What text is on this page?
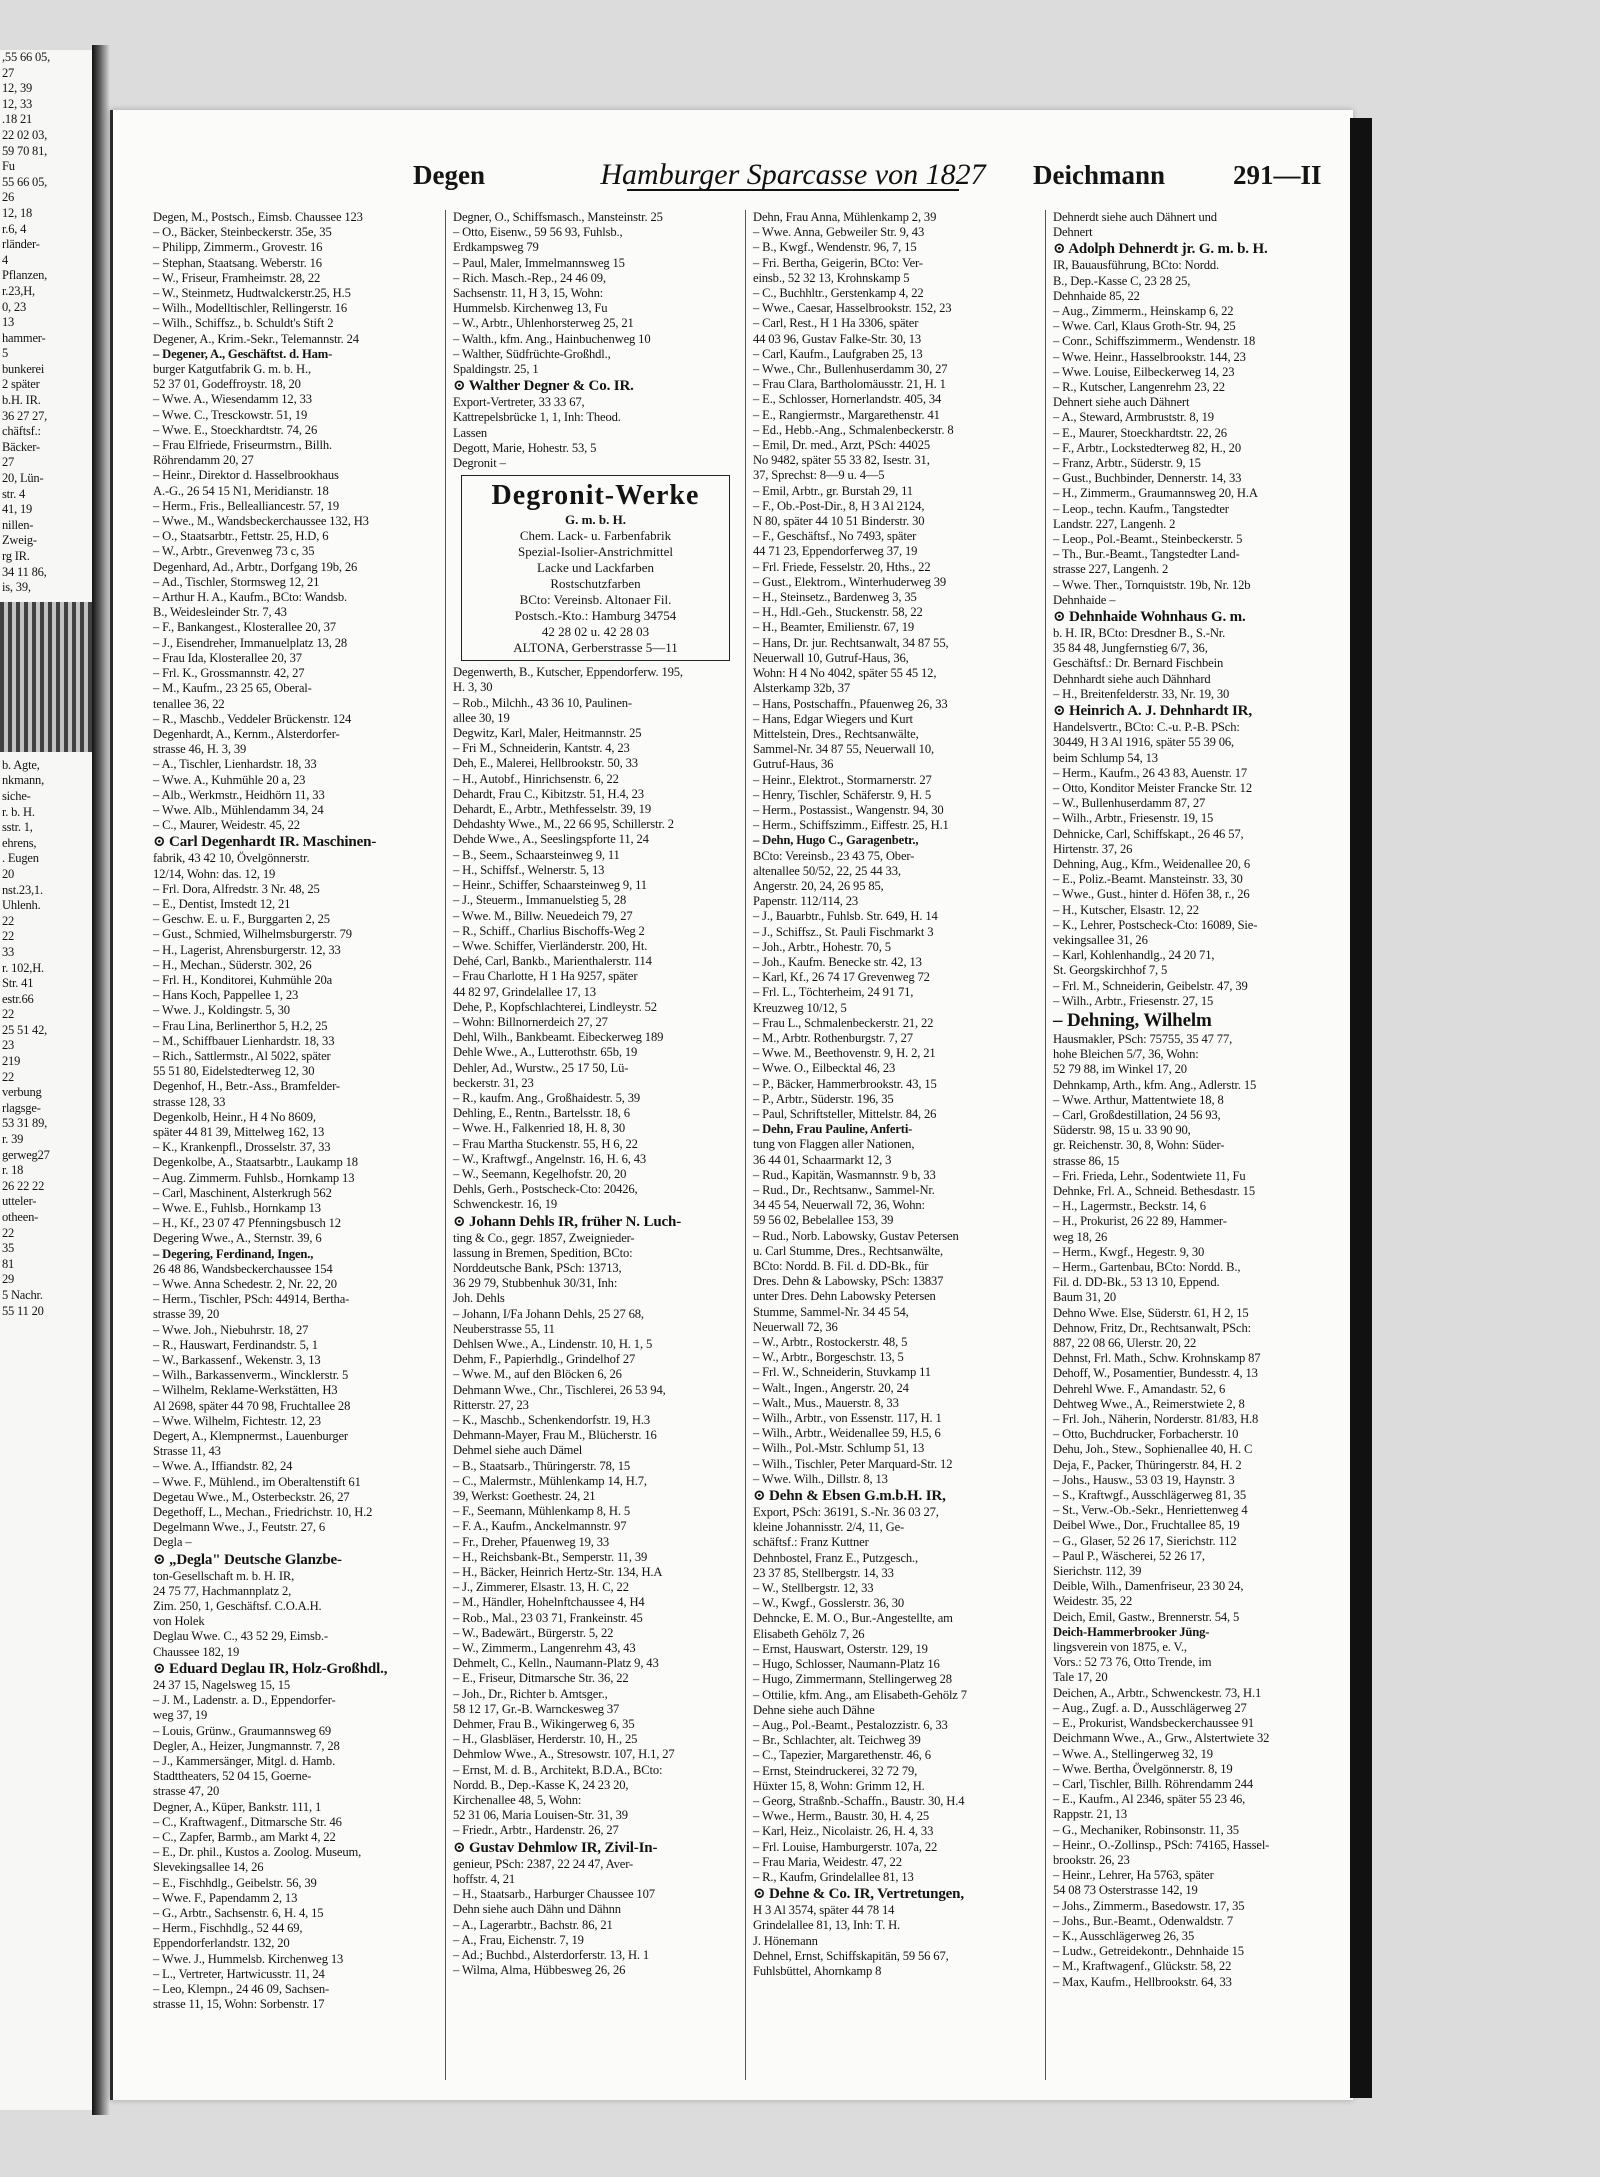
,55 66 05,
27
12, 39
12, 33
.18 21
22 02 03,
59 70 81,
Fu
55 66 05,
26
12, 18
r.6, 4
rländer-
4
Pflanzen,
r.23,H,
0, 23
13
hammer-
5
bunkerei
2 später
b.H. IR.
36 27 27,
chäftsf.:
Bäcker-
27
20, Lün-
str. 4
41, 19
nillen-
Zweig-
rg IR.
34 11 86,
is, 39,
b. Agte,
nkmann,
siche-
r. b. H.
sstr. 1,
ehrens,
. Eugen
20
nst.23,1.
Uhlenh.
22
22
33
r. 102,H.
Str. 41
estr.66
22
25 51 42,
23
219
22
verbung
rlagsge-
53 31 89,
r. 39
gerweg27
r. 18
26 22 22
utteler-
otheen-
22
35
81
29
5 Nachr.
55 11 20
Degen	Hamburger Sparcasse von 1827 Deichmann	291—II
Degen, M., Postsch., Eimsb. Chaussee 123
– O., Bäcker, Steinbeckerstr. 35e, 35
– Philipp, Zimmerm., Grovestr. 16
– Stephan, Staatsang. Weberstr. 16
– W., Friseur, Framheimstr. 28, 22
– W., Steinmetz, Hudtwalckerstr.25, H.5
– Wilh., Modelltischler, Rellingerstr. 16
– Wilh., Schiffsz., b. Schuldt's Stift 2
Degener, A., Krim.-Sekr., Telemannstr. 24
– Degener, A., Geschäftst. d. Ham-
burger Katgutfabrik G. m. b. H.,
52 37 01, Godeffroystr. 18, 20
– Wwe. A., Wiesendamm 12, 33
– Wwe. C., Tresckowstr. 51, 19
– Wwe. E., Stoeckhardtstr. 74, 26
– Frau Elfriede, Friseurmstrn., Billh.
Röhrendamm 20, 27
– Heinr., Direktor d. Hasselbrookhaus
A.-G., 26 54 15 N1, Meridianstr. 18
– Herm., Fris., Bellealliancestr. 57, 19
– Wwe., M., Wandsbeckerchaussee 132, H3
– O., Staatsarbtr., Fettstr. 25, H.D, 6
– W., Arbtr., Grevenweg 73 c, 35
Degenhard, Ad., Arbtr., Dorfgang 19b, 26
– Ad., Tischler, Stormsweg 12, 21
– Arthur H. A., Kaufm., BCto: Wandsb.
B., Weidesleinder Str. 7, 43
– F., Bankangest., Klosterallee 20, 37
– J., Eisendreher, Immanuelplatz 13, 28
– Frau Ida, Klosterallee 20, 37
– Frl. K., Grossmannstr. 42, 27
– M., Kaufm., 23 25 65, Oberal-
tenallee 36, 22
– R., Maschb., Veddeler Brückenstr. 124
Degenhardt, A., Kernm., Alsterdorfer-
strasse 46, H. 3, 39
– A., Tischler, Lienhardstr. 18, 33
– Wwe. A., Kuhmühle 20 a, 23
– Alb., Werkmstr., Heidhörn 11, 33
– Wwe. Alb., Mühlendamm 34, 24
– C., Maurer, Weidestr. 45, 22
⊙ Carl Degenhardt IR. Maschinen-
fabrik, 43 42 10, Övelgönnerstr.
12/14, Wohn: das. 12, 19
– Frl. Dora, Alfredstr. 3 Nr. 48, 25
– E., Dentist, Imstedt 12, 21
– Geschw. E. u. F., Burggarten 2, 25
– Gust., Schmied, Wilhelmsburgerstr. 79
– H., Lagerist, Ahrensburgerstr. 12, 33
– H., Mechan., Süderstr. 302, 26
– Frl. H., Konditorei, Kuhmühle 20a
– Hans Koch, Pappellee 1, 23
– Wwe. J., Koldingstr. 5, 30
– Frau Lina, Berlinerthor 5, H.2, 25
– M., Schiffbauer Lienhardstr. 18, 33
– Rich., Sattlermstr., Al 5022, später
55 51 80, Eidelstedterweg 12, 30
Degenhof, H., Betr.-Ass., Bramfelder-
strasse 128, 33
Degenkolb, Heinr., H 4 No 8609,
später 44 81 39, Mittelweg 162, 13
– K., Krankenpfl., Drosselstr. 37, 33
Degenkolbe, A., Staatsarbtr., Laukamp 18
– Aug. Zimmerm. Fuhlsb., Hornkamp 13
– Carl, Maschinent, Alsterkrugh 562
– Wwe. E., Fuhlsb., Hornkamp 13
– H., Kf., 23 07 47 Pfenningsbusch 12
Degering Wwe., A., Sternstr. 39, 6
– Degering, Ferdinand, Ingen.,
26 48 86, Wandsbeckerchaussee 154
– Wwe. Anna Schedestr. 2, Nr. 22, 20
– Herm., Tischler, PSch: 44914, Bertha-
strasse 39, 20
– Wwe. Joh., Niebuhrstr. 18, 27
– R., Hauswart, Ferdinandstr. 5, 1
– W., Barkassenf., Wekenstr. 3, 13
– Wilh., Barkassenverm., Wincklerstr. 5
– Wilhelm, Reklame-Werkstätten, H3
Al 2698, später 44 70 98, Fruchtallee 28
– Wwe. Wilhelm, Fichtestr. 12, 23
Degert, A., Klempnermst., Lauenburger
Strasse 11, 43
– Wwe. A., Iffiandstr. 82, 24
– Wwe. F., Mühlend., im Oberaltenstift 61
Degetau Wwe., M., Osterbeckstr. 26, 27
Degethoff, L., Mechan., Friedrichstr. 10, H.2
Degelmann Wwe., J., Feutstr. 27, 6
Degla –
⊙ „Degla" Deutsche Glanzbe-
ton-Gesellschaft m. b. H. IR,
24 75 77, Hachmannplatz 2,
Zim. 250, 1, Geschäftsf. C.O.A.H.
von Holek
Deglau Wwe. C., 43 52 29, Eimsb.-
Chaussee 182, 19
⊙ Eduard Deglau IR, Holz-Großhdl.,
24 37 15, Nagelsweg 15, 15
– J. M., Ladenstr. a. D., Eppendorfer-
weg 37, 19
– Louis, Grünw., Graumannsweg 69
Degler, A., Heizer, Jungmannstr. 7, 28
– J., Kammersänger, Mitgl. d. Hamb.
Stadttheaters, 52 04 15, Goerne-
strasse 47, 20
Degner, A., Küper, Bankstr. 111, 1
– C., Kraftwagenf., Ditmarsche Str. 46
– C., Zapfer, Barmb., am Markt 4, 22
– E., Dr. phil., Kustos a. Zoolog. Museum,
Slevekingsallee 14, 26
– E., Fischhdlg., Geibelstr. 56, 39
– Wwe. F., Papendamm 2, 13
– G., Arbtr., Sachsenstr. 6, H. 4, 15
– Herm., Fischhdlg., 52 44 69,
Eppendorferlandstr. 132, 20
– Wwe. J., Hummelsb. Kirchenweg 13
– L., Vertreter, Hartwicusstr. 11, 24
– Leo, Klempn., 24 46 09, Sachsen-
strasse 11, 15, Wohn: Sorbenstr. 17
Degner, O., Schiffsmasch., Mansteinstr. 25
– Otto, Eisenw., 59 56 93, Fuhlsb.,
Erdkampsweg 79
– Paul, Maler, Immelmannsweg 15
– Rich. Masch.-Rep., 24 46 09,
Sachsenstr. 11, H 3, 15, Wohn:
Hummelsb. Kirchenweg 13, Fu
– W., Arbtr., Uhlenhorsterweg 25, 21
– Walth., kfm. Ang., Hainbuchenweg 10
– Walther, Südfrüchte-Großhdl.,
Spaldingstr. 25, 1
⊙ Walther Degner & Co. IR.
Export-Vertreter, 33 33 67,
Kattrepelsbrücke 1, 1, Inh: Theod.
Lassen
Degott, Marie, Hohestr. 53, 5
Degronit –
Degronit-Werke
G. m. b. H.
Chem. Lack- u. Farbenfabrik
Spezial-Isolier-Anstrichmittel
Lacke und Lackfarben
Rostschutzfarben
BCto: Vereinsb. Altonaer Fil.
Postsch.-Kto.: Hamburg 34754
42 28 02 u. 42 28 03
ALTONA, Gerberstrasse 5—11
Degenwerth, B., Kutscher, Eppendorferw. 195,
H. 3, 30
– Rob., Milchh., 43 36 10, Paulinen-
allee 30, 19
Degwitz, Karl, Maler, Heitmannstr. 25
– Fri M., Schneiderin, Kantstr. 4, 23
Deh, E., Malerei, Hellbrookstr. 50, 33
– H., Autobf., Hinrichsenstr. 6, 22
Dehardt, Frau C., Kibitzstr. 51, H.4, 23
Dehardt, E., Arbtr., Methfesselstr. 39, 19
Dehdashty Wwe., M., 22 66 95, Schillerstr. 2
Dehde Wwe., A., Seeslingspforte 11, 24
– B., Seem., Schaarsteinweg 9, 11
– H., Schiffsf., Welnerstr. 5, 13
– Heinr., Schiffer, Schaarsteinweg 9, 11
– J., Steuerm., Immanuelstieg 5, 28
– Wwe. M., Billw. Neuedeich 79, 27
– R., Schiff., Charlius Bischoffs-Weg 2
– Wwe. Schiffer, Vierländerstr. 200, Ht.
Dehé, Carl, Bankb., Marienthalerstr. 114
– Frau Charlotte, H 1 Ha 9257, später
44 82 97, Grindelallee 17, 13
Dehe, P., Kopfschlachterei, Lindleystr. 52
– Wohn: Billnornerdeich 27, 27
Dehl, Wilh., Bankbeamt. Eibeckerweg 189
Dehle Wwe., A., Lutterothstr. 65b, 19
Dehler, Ad., Wurstw., 25 17 50, Lü-
beckerstr. 31, 23
– R., kaufm. Ang., Großhaidestr. 5, 39
Dehling, E., Rentn., Bartelsstr. 18, 6
– Wwe. H., Falkenried 18, H. 8, 30
– Frau Martha Stuckenstr. 55, H 6, 22
– W., Kraftwgf., Angelnstr. 16, H. 6, 43
– W., Seemann, Kegelhofstr. 20, 20
Dehls, Gerh., Postscheck-Cto: 20426,
Schwenckestr. 16, 19
⊙ Johann Dehls IR, früher N. Luch-
ting & Co., gegr. 1857, Zweignieder-
lassung in Bremen, Spedition, BCto:
Norddeutsche Bank, PSch: 13713,
36 29 79, Stubbenhuk 30/31, Inh:
Joh. Dehls
– Johann, I/Fa Johann Dehls, 25 27 68,
Neuberstrasse 55, 11
Dehlsen Wwe., A., Lindenstr. 10, H. 1, 5
Dehm, F., Papierhdlg., Grindelhof 27
– Wwe. M., auf den Blöcken 6, 26
Dehmann Wwe., Chr., Tischlerei, 26 53 94,
Ritterstr. 27, 23
– K., Maschb., Schenkendorfstr. 19, H.3
Dehmann-Mayer, Frau M., Blücherstr. 16
Dehmel siehe auch Dämel
– B., Staatsarb., Thüringerstr. 78, 15
– C., Malermstr., Mühlenkamp 14, H.7,
39, Werkst: Goethestr. 24, 21
– F., Seemann, Mühlenkamp 8, H. 5
– F. A., Kaufm., Anckelmannstr. 97
– Fr., Dreher, Pfauenweg 19, 33
– H., Reichsbank-Bt., Semperstr. 11, 39
– H., Bäcker, Heinrich Hertz-Str. 134, H.A
– J., Zimmerer, Elsastr. 13, H. C, 22
– M., Händler, Hohelnftchaussee 4, H4
– Rob., Mal., 23 03 71, Frankeinstr. 45
– W., Badewärt., Bürgerstr. 5, 22
– W., Zimmerm., Langenrehm 43, 43
Dehmelt, C., Kelln., Naumann-Platz 9, 43
– E., Friseur, Ditmarsche Str. 36, 22
– Joh., Dr., Richter b. Amtsger.,
58 12 17, Gr.-B. Warnckesweg 37
Dehmer, Frau B., Wikingerweg 6, 35
– H., Glasbläser, Herderstr. 10, H., 25
Dehmlow Wwe., A., Stresowstr. 107, H.1, 27
– Ernst, M. d. B., Architekt, B.D.A., BCto:
Nordd. B., Dep.-Kasse K, 24 23 20,
Kirchenallee 48, 5, Wohn:
52 31 06, Maria Louisen-Str. 31, 39
– Friedr., Arbtr., Hardenstr. 26, 27
⊙ Gustav Dehmlow IR, Zivil-In-
genieur, PSch: 2387, 22 24 47, Aver-
hoffstr. 4, 21
– H., Staatsarb., Harburger Chaussee 107
Dehn siehe auch Dähn und Dähnn
– A., Lagerarbtr., Bachstr. 86, 21
– A., Frau, Eichenstr. 7, 19
– Ad.; Buchbd., Alsterdorferstr. 13, H. 1
– Wilma, Alma, Hübbesweg 26, 26
Dehn, Frau Anna, Mühlenkamp 2, 39
– Wwe. Anna, Gebweiler Str. 9, 43
– B., Kwgf., Wendenstr. 96, 7, 15
– Fri. Bertha, Geigerin, BCto: Ver-
einsb., 52 32 13, Krohnskamp 5
– C., Buchhltr., Gerstenkamp 4, 22
– Wwe., Caesar, Hasselbrookstr. 152, 23
– Carl, Rest., H 1 Ha 3306, später
44 03 96, Gustav Falke-Str. 30, 13
– Carl, Kaufm., Laufgraben 25, 13
– Wwe., Chr., Bullenhuserdamm 30, 27
– Frau Clara, Bartholomäusstr. 21, H. 1
– E., Schlosser, Hornerlandstr. 405, 34
– E., Rangiermstr., Margarethenstr. 41
– Ed., Hebb.-Ang., Schmalenbeckerstr. 8
– Emil, Dr. med., Arzt, PSch: 44025
No 9482, später 55 33 82, Isestr. 31,
37, Sprechst: 8—9 u. 4—5
– Emil, Arbtr., gr. Burstah 29, 11
– F., Ob.-Post-Dir., 8, H 3 Al 2124,
N 80, später 44 10 51 Binderstr. 30
– F., Geschäftsf., No 7493, später
44 71 23, Eppendorferweg 37, 19
– Frl. Friede, Fesselstr. 20, Hths., 22
– Gust., Elektrom., Winterhuderweg 39
– H., Steinsetz., Bardenweg 3, 35
– H., Hdl.-Geh., Stuckenstr. 58, 22
– H., Beamter, Emilienstr. 67, 19
– Hans, Dr. jur. Rechtsanwalt, 34 87 55,
Neuerwall 10, Gutruf-Haus, 36,
Wohn: H 4 No 4042, später 55 45 12,
Alsterkamp 32b, 37
– Hans, Postschaffn., Pfauenweg 26, 33
– Hans, Edgar Wiegers und Kurt
Mittelstein, Dres., Rechtsanwälte,
Sammel-Nr. 34 87 55, Neuerwall 10,
Gutruf-Haus, 36
– Heinr., Elektrot., Stormarnerstr. 27
– Henry, Tischler, Schäferstr. 9, H. 5
– Herm., Postassist., Wangenstr. 94, 30
– Herm., Schiffszimm., Eiffestr. 25, H.1
– Dehn, Hugo C., Garagenbetr.,
BCto: Vereinsb., 23 43 75, Ober-
altenallee 50/52, 22, 25 44 33,
Angerstr. 20, 24, 26 95 85,
Papenstr. 112/114, 23
– J., Bauarbtr., Fuhlsb. Str. 649, H. 14
– J., Schiffsz., St. Pauli Fischmarkt 3
– Joh., Arbtr., Hohestr. 70, 5
– Joh., Kaufm. Benecke str. 42, 13
– Karl, Kf., 26 74 17 Grevenweg 72
– Frl. L., Töchterheim, 24 91 71,
Kreuzweg 10/12, 5
– Frau L., Schmalenbeckerstr. 21, 22
– M., Arbtr. Rothenburgstr. 7, 27
– Wwe. M., Beethovenstr. 9, H. 2, 21
– Wwe. O., Eilbecktal 46, 23
– P., Bäcker, Hammerbrookstr. 43, 15
– P., Arbtr., Süderstr. 196, 35
– Paul, Schriftsteller, Mittelstr. 84, 26
– Dehn, Frau Pauline, Anferti-
tung von Flaggen aller Nationen,
36 44 01, Schaarmarkt 12, 3
– Rud., Kapitän, Wasmannstr. 9 b, 33
– Rud., Dr., Rechtsanw., Sammel-Nr.
34 45 54, Neuerwall 72, 36, Wohn:
59 56 02, Bebelallee 153, 39
– Rud., Norb. Labowsky, Gustav Petersen
u. Carl Stumme, Dres., Rechtsanwälte,
BCto: Nordd. B. Fil. d. DD-Bk., für
Dres. Dehn & Labowsky, PSch: 13837
unter Dres. Dehn Labowsky Petersen
Stumme, Sammel-Nr. 34 45 54,
Neuerwall 72, 36
– W., Arbtr., Rostockerstr. 48, 5
– W., Arbtr., Borgeschstr. 13, 5
– Frl. W., Schneiderin, Stuvkamp 11
– Walt., Ingen., Angerstr. 20, 24
– Walt., Mus., Mauerstr. 8, 33
– Wilh., Arbtr., von Essenstr. 117, H. 1
– Wilh., Arbtr., Weidenallee 59, H.5, 6
– Wilh., Pol.-Mstr. Schlump 51, 13
– Wilh., Tischler, Peter Marquard-Str. 12
– Wwe. Wilh., Dillstr. 8, 13
⊙ Dehn & Ebsen G.m.b.H. IR,
Export, PSch: 36191, S.-Nr. 36 03 27,
kleine Johannisstr. 2/4, 11, Ge-
schäftsf.: Franz Kuttner
Dehnbostel, Franz E., Putzgesch.,
23 37 85, Stellbergstr. 14, 33
– W., Stellbergstr. 12, 33
– W., Kwgf., Gosslerstr. 36, 30
Dehncke, E. M. O., Bur.-Angestellte, am
Elisabeth Gehölz 7, 26
– Ernst, Hauswart, Osterstr. 129, 19
– Hugo, Schlosser, Naumann-Platz 16
– Hugo, Zimmermann, Stellingerweg 28
– Ottilie, kfm. Ang., am Elisabeth-Gehölz 7
Dehne siehe auch Dähne
– Aug., Pol.-Beamt., Pestalozzistr. 6, 33
– Br., Schlachter, alt. Teichweg 39
– C., Tapezier, Margarethenstr. 46, 6
– Ernst, Steindruckerei, 32 72 79,
Hüxter 15, 8, Wohn: Grimm 12, H.
– Georg, Straßnb.-Schaffn., Baustr. 30, H.4
– Wwe., Herm., Baustr. 30, H. 4, 25
– Karl, Heiz., Nicolaistr. 26, H. 4, 33
– Frl. Louise, Hamburgerstr. 107a, 22
– Frau Maria, Weidestr. 47, 22
– R., Kaufm, Grindelallee 81, 13
⊙ Dehne & Co. IR, Vertretungen,
H 3 Al 3574, später 44 78 14
Grindelallee 81, 13, Inh: T. H.
J. Hönemann
Dehnel, Ernst, Schiffskapitän, 59 56 67,
Fuhlsbüttel, Ahornkamp 8
Dehnerdt siehe auch Dähnert und
Dehnert
⊙ Adolph Dehnerdt jr. G. m. b. H.
IR, Bauausführung, BCto: Nordd.
B., Dep.-Kasse C, 23 28 25,
Dehnhaide 85, 22
– Aug., Zimmerm., Heinskamp 6, 22
– Wwe. Carl, Klaus Groth-Str. 94, 25
– Conr., Schiffszimmerm., Wendenstr. 18
– Wwe. Heinr., Hasselbrookstr. 144, 23
– Wwe. Louise, Eilbeckerweg 14, 23
– R., Kutscher, Langenrehm 23, 22
Dehnert siehe auch Dähnert
– A., Steward, Armbruststr. 8, 19
– E., Maurer, Stoeckhardtstr. 22, 26
– F., Arbtr., Lockstedterweg 82, H., 20
– Franz, Arbtr., Süderstr. 9, 15
– Gust., Buchbinder, Dennerstr. 14, 33
– H., Zimmerm., Graumannsweg 20, H.A
– Leop., techn. Kaufm., Tangstedter
Landstr. 227, Langenh. 2
– Leop., Pol.-Beamt., Steinbeckerstr. 5
– Th., Bur.-Beamt., Tangstedter Land-
strasse 227, Langenh. 2
– Wwe. Ther., Tornquiststr. 19b, Nr. 12b
Dehnhaide –
⊙ Dehnhaide Wohnhaus G. m.
b. H. IR, BCto: Dresdner B., S.-Nr.
35 84 48, Jungfernstieg 6/7, 36,
Geschäftsf.: Dr. Bernard Fischbein
Dehnhardt siehe auch Dähnhard
– H., Breitenfelderstr. 33, Nr. 19, 30
⊙ Heinrich A. J. Dehnhardt IR,
Handelsvertr., BCto: C.-u. P.-B. PSch:
30449, H 3 Al 1916, später 55 39 06,
beim Schlump 54, 13
– Herm., Kaufm., 26 43 83, Auenstr. 17
– Otto, Konditor Meister Francke Str. 12
– W., Bullenhuserdamm 87, 27
– Wilh., Arbtr., Friesenstr. 19, 15
Dehnicke, Carl, Schiffskapt., 26 46 57,
Hirtenstr. 37, 26
Dehning, Aug., Kfm., Weidenallee 20, 6
– E., Poliz.-Beamt. Mansteinstr. 33, 30
– Wwe., Gust., hinter d. Höfen 38, r., 26
– H., Kutscher, Elsastr. 12, 22
– K., Lehrer, Postscheck-Cto: 16089, Sie-
vekingsallee 31, 26
– Karl, Kohlenhandlg., 24 20 71,
St. Georgskirchhof 7, 5
– Frl. M., Schneiderin, Geibelstr. 47, 39
– Wilh., Arbtr., Friesenstr. 27, 15
– Dehning, Wilhelm
Hausmakler, PSch: 75755, 35 47 77,
hohe Bleichen 5/7, 36, Wohn:
52 79 88, im Winkel 17, 20
Dehnkamp, Arth., kfm. Ang., Adlerstr. 15
– Wwe. Arthur, Mattentwiete 18, 8
– Carl, Großdestillation, 24 56 93,
Süderstr. 98, 15 u. 33 90 90,
gr. Reichenstr. 30, 8, Wohn: Süder-
strasse 86, 15
– Fri. Frieda, Lehr., Sodentwiete 11, Fu
Dehnke, Frl. A., Schneid. Bethesdastr. 15
– H., Lagermstr., Beckstr. 14, 6
– H., Prokurist, 26 22 89, Hammer-
weg 18, 26
– Herm., Kwgf., Hegestr. 9, 30
– Herm., Gartenbau, BCto: Nordd. B.,
Fil. d. DD-Bk., 53 13 10, Eppend.
Baum 31, 20
Dehno Wwe. Else, Süderstr. 61, H 2, 15
Dehnow, Fritz, Dr., Rechtsanwalt, PSch:
887, 22 08 66, Ulerstr. 20, 22
Dehnst, Frl. Math., Schw. Krohnskamp 87
Dehoff, W., Posamentier, Bundesstr. 4, 13
Dehrehl Wwe. F., Amandastr. 52, 6
Dehtweg Wwe., A., Reimerstwiete 2, 8
– Frl. Joh., Näherin, Norderstr. 81/83, H.8
– Otto, Buchdrucker, Forbacherstr. 10
Dehu, Joh., Stew., Sophienallee 40, H. C
Deja, F., Packer, Thüringerstr. 84, H. 2
– Johs., Hausw., 53 03 19, Haynstr. 3
– S., Kraftwgf., Ausschlägerweg 81, 35
– St., Verw.-Ob.-Sekr., Henriettenweg 4
Deibel Wwe., Dor., Fruchtallee 85, 19
– G., Glaser, 52 26 17, Sierichstr. 112
– Paul P., Wäscherei, 52 26 17,
Sierichstr. 112, 39
Deible, Wilh., Damenfriseur, 23 30 24,
Weidestr. 35, 22
Deich, Emil, Gastw., Brennerstr. 54, 5
Deich-Hammerbrooker Jüng-
lingsverein von 1875, e. V.,
Vors.: 52 73 76, Otto Trende, im
Tale 17, 20
Deichen, A., Arbtr., Schwenckestr. 73, H.1
– Aug., Zugf. a. D., Ausschlägerweg 27
– E., Prokurist, Wandsbeckerchaussee 91
Deichmann Wwe., A., Grw., Alstertwiete 32
– Wwe. A., Stellingerweg 32, 19
– Wwe. Bertha, Övelgönnerstr. 8, 19
– Carl, Tischler, Billh. Röhrendamm 244
– E., Kaufm., Al 2346, später 55 23 46,
Rappstr. 21, 13
– G., Mechaniker, Robinsonstr. 11, 35
– Heinr., O.-Zollinsp., PSch: 74165, Hassel-
brookstr. 26, 23
– Heinr., Lehrer, Ha 5763, später
54 08 73 Osterstrasse 142, 19
– Johs., Zimmerm., Basedowstr. 17, 35
– Johs., Bur.-Beamt., Odenwaldstr. 7
– K., Ausschlägerweg 26, 35
– Ludw., Getreidekontr., Dehnhaide 15
– M., Kraftwagenf., Glückstr. 58, 22
– Max, Kaufm., Hellbrookstr. 64, 33
